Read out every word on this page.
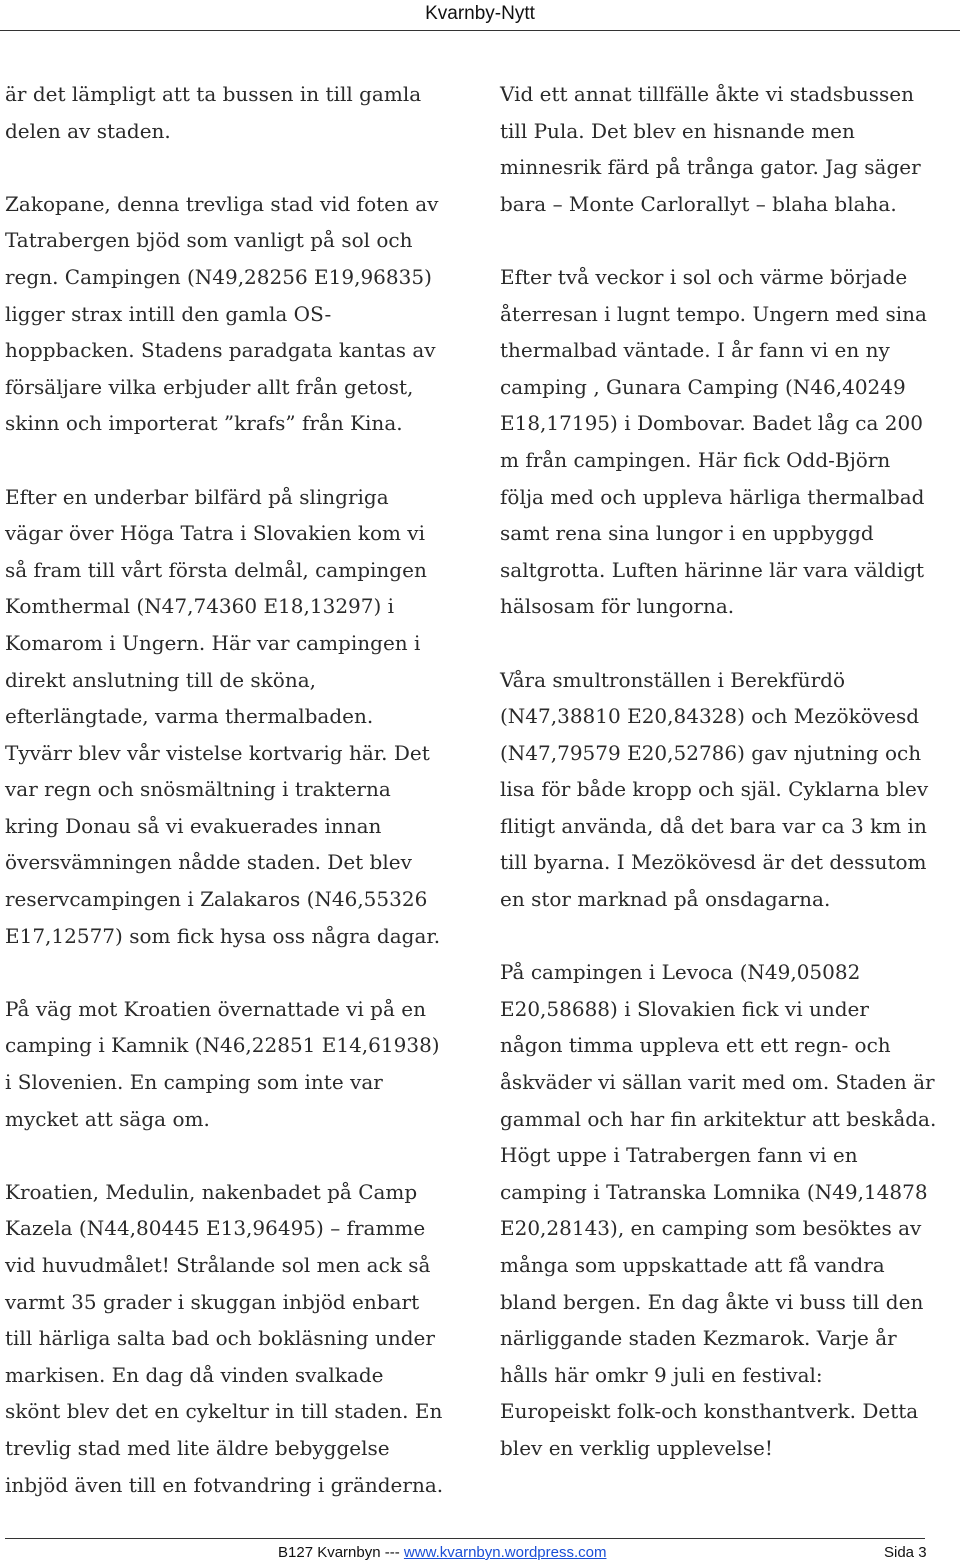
Kvarnby-Nytt

är det lämpligt att ta bussen in till gamla
delen av staden.

Zakopane, denna trevliga stad vid foten av
Tatrabergen bjöd som vanligt på sol och
regn. Campingen (N49,28256 E19,96835)
ligger strax intill den gamla OS-
hoppbacken. Stadens paradgata kantas av
försäljare vilka erbjuder allt från getost,
skinn och importerat ”krafs” från Kina.

Efter en underbar bilfärd på slingriga
vägar över Höga Tatra i Slovakien kom vi
så fram till vårt första delmål, campingen
Komthermal (N47,74360 E18,13297) i
Komarom i Ungern. Här var campingen i
direkt anslutning till de sköna,
efterlängtade, varma thermalbaden.
Tyvärr blev vår vistelse kortvarig här. Det
var regn och snösmältning i trakterna
kring Donau så vi evakuerades innan
översvämningen nådde staden. Det blev
reservcampingen i Zalakaros (N46,55326
E17,12577) som fick hysa oss några dagar.

På väg mot Kroatien övernattade vi på en
camping i Kamnik (N46,22851 E14,61938)
i Slovenien. En camping som inte var
mycket att säga om.

Kroatien, Medulin, nakenbadet på Camp
Kazela (N44,80445 E13,96495) – framme
vid huvudmålet! Strålande sol men ack så
varmt 35 grader i skuggan inbjöd enbart
till härliga salta bad och bokläsning under
markisen. En dag då vinden svalkade
skönt blev det en cykeltur in till staden. En
trevlig stad med lite äldre bebyggelse
inbjöd även till en fotvandring i gränderna.

Vid ett annat tillfälle åkte vi stadsbussen
till Pula. Det blev en hisnande men
minnesrik färd på trånga gator. Jag säger
bara – Monte Carlorallyt – blaha blaha.

Efter två veckor i sol och värme började
återresan i lugnt tempo. Ungern med sina
thermalbad väntade. I år fann vi en ny
camping , Gunara Camping (N46,40249
E18,17195) i Dombovar. Badet låg ca 200
m från campingen. Här fick Odd-Björn
följa med och uppleva härliga thermalbad
samt rena sina lungor i en uppbyggd
saltgrotta. Luften härinne lär vara väldigt
hälsosam för lungorna.

Våra smultronställen i Berekfürdö
(N47,38810 E20,84328) och Mezökövesd
(N47,79579 E20,52786) gav njutning och
lisa för både kropp och själ. Cyklarna blev
flitigt använda, då det bara var ca 3 km in
till byarna. I Mezökövesd är det dessutom
en stor marknad på onsdagarna.

På campingen i Levoca (N49,05082
E20,58688) i Slovakien fick vi under
någon timma uppleva ett ett regn- och
åskväder vi sällan varit med om. Staden är
gammal och har fin arkitektur att beskåda.
Högt uppe i Tatrabergen fann vi en
camping i Tatranska Lomnika (N49,14878
E20,28143), en camping som besöktes av
många som uppskattade att få vandra
bland bergen. En dag åkte vi buss till den
närliggande staden Kezmarok. Varje år
hålls här omkr 9 juli en festival:
Europeiskt folk-och konsthantverk. Detta
blev en verklig upplevelse!

B127 Kvarnbyn --- www.kvarnbyn.wordpress.com	Sida 3
